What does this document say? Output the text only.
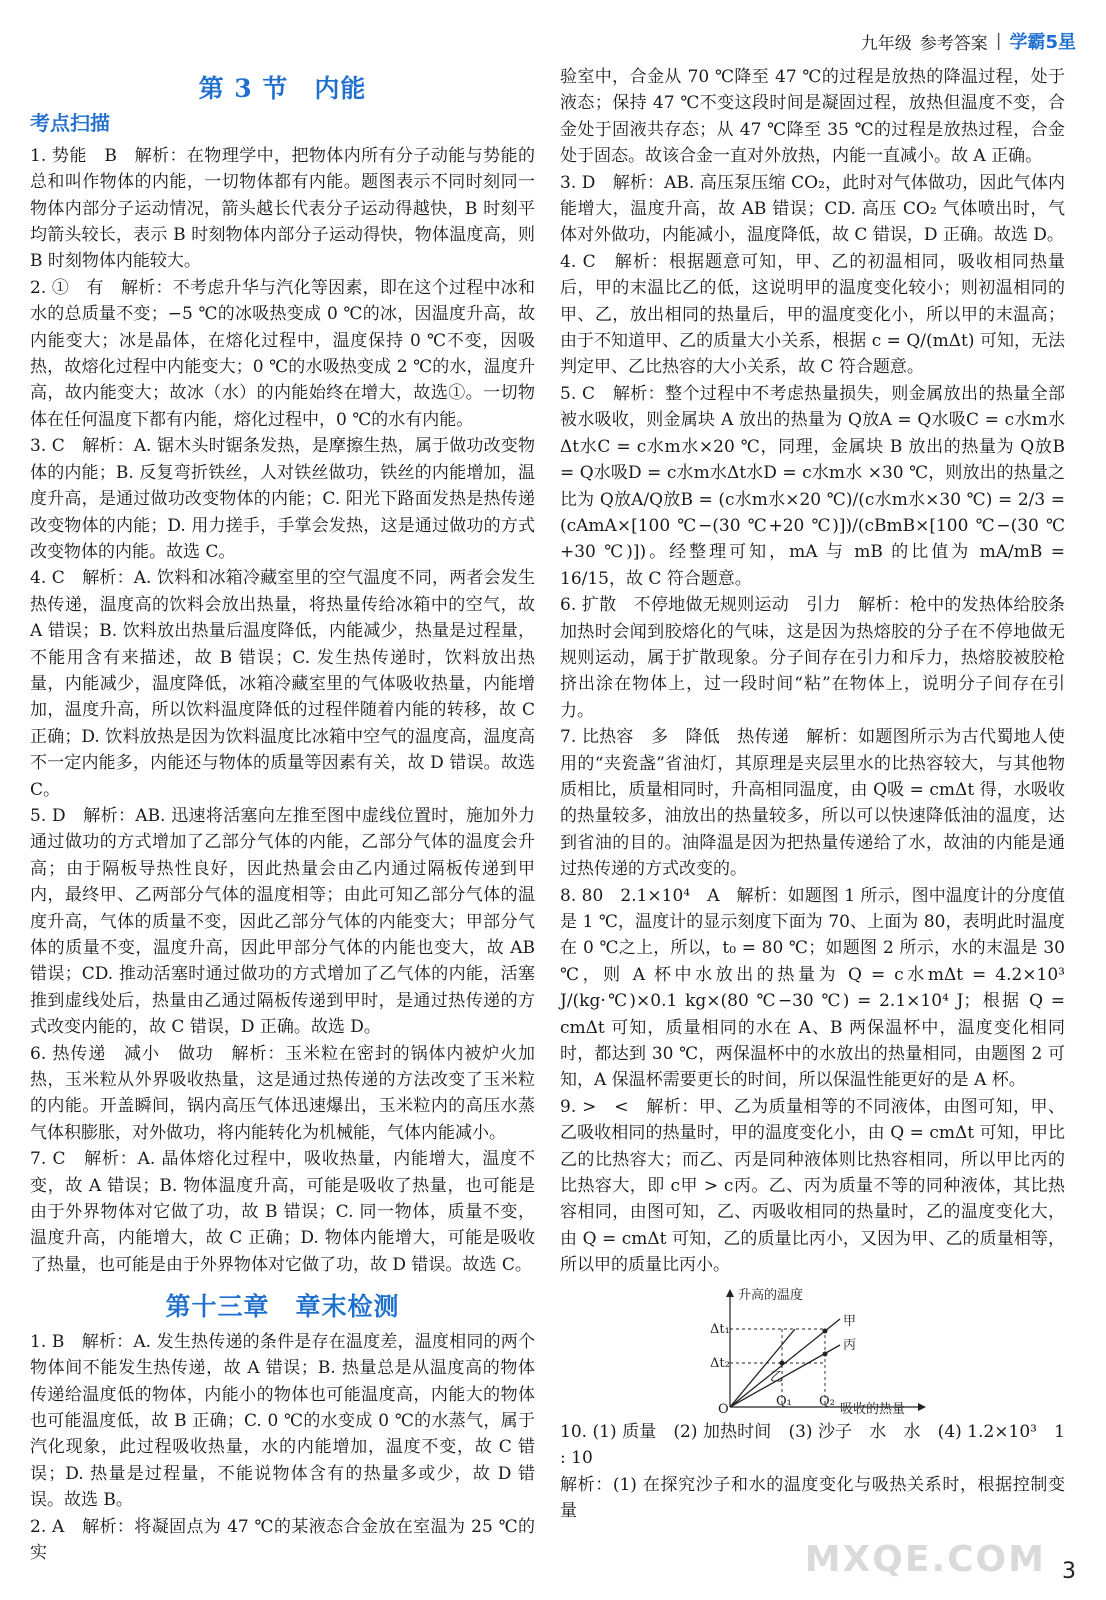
九年级 参考答案 | 学霸5星
第 3 节　内能
考点扫描

1. 势能　B　解析：在物理学中，把物体内所有分子动能与势能的总和叫作物体的内能，一切物体都有内能。题图表示不同时刻同一物体内部分子运动情况，箭头越长代表分子运动得越快，B 时刻平均箭头较长，表示 B 时刻物体内部分子运动得快，物体温度高，则 B 时刻物体内能较大。

2. ①　有　解析：不考虑升华与汽化等因素，即在这个过程中冰和水的总质量不变；−5 ℃的冰吸热变成 0 ℃的冰，因温度升高，故内能变大；冰是晶体，在熔化过程中，温度保持 0 ℃不变，因吸热，故熔化过程中内能变大；0 ℃的水吸热变成 2 ℃的水，温度升高，故内能变大；故冰（水）的内能始终在增大，故选①。一切物体在任何温度下都有内能，熔化过程中，0 ℃的水有内能。

3. C　解析：A. 锯木头时锯条发热，是摩擦生热，属于做功改变物体的内能；B. 反复弯折铁丝，人对铁丝做功，铁丝的内能增加，温度升高，是通过做功改变物体的内能；C. 阳光下路面发热是热传递改变物体的内能；D. 用力搓手，手掌会发热，这是通过做功的方式改变物体的内能。故选 C。

4. C　解析：A. 饮料和冰箱冷藏室里的空气温度不同，两者会发生热传递，温度高的饮料会放出热量，将热量传给冰箱中的空气，故 A 错误；B. 饮料放出热量后温度降低，内能减少，热量是过程量，不能用含有来描述，故 B 错误；C. 发生热传递时，饮料放出热量，内能减少，温度降低，冰箱冷藏室里的气体吸收热量，内能增加，温度升高，所以饮料温度降低的过程伴随着内能的转移，故 C 正确；D. 饮料放热是因为饮料温度比冰箱中空气的温度高，温度高不一定内能多，内能还与物体的质量等因素有关，故 D 错误。故选 C。

5. D　解析：AB. 迅速将活塞向左推至图中虚线位置时，施加外力通过做功的方式增加了乙部分气体的内能，乙部分气体的温度会升高；由于隔板导热性良好，因此热量会由乙内通过隔板传递到甲内，最终甲、乙两部分气体的温度相等；由此可知乙部分气体的温度升高，气体的质量不变，因此乙部分气体的内能变大；甲部分气体的质量不变，温度升高，因此甲部分气体的内能也变大，故 AB 错误；CD. 推动活塞时通过做功的方式增加了乙气体的内能，活塞推到虚线处后，热量由乙通过隔板传递到甲时，是通过热传递的方式改变内能的，故 C 错误，D 正确。故选 D。

6. 热传递　减小　做功　解析：玉米粒在密封的锅体内被炉火加热，玉米粒从外界吸收热量，这是通过热传递的方法改变了玉米粒的内能。开盖瞬间，锅内高压气体迅速爆出，玉米粒内的高压水蒸气体积膨胀，对外做功，将内能转化为机械能，气体内能减小。

7. C　解析：A. 晶体熔化过程中，吸收热量，内能增大，温度不变，故 A 错误；B. 物体温度升高，可能是吸收了热量，也可能是由于外界物体对它做了功，故 B 错误；C. 同一物体，质量不变，温度升高，内能增大，故 C 正确；D. 物体内能增大，可能是吸收了热量，也可能是由于外界物体对它做了功，故 D 错误。故选 C。

第十三章　章末检测

1. B　解析：A. 发生热传递的条件是存在温度差，温度相同的两个物体间不能发生热传递，故 A 错误；B. 热量总是从温度高的物体传递给温度低的物体，内能小的物体也可能温度高，内能大的物体也可能温度低，故 B 正确；C. 0 ℃的水变成 0 ℃的水蒸气，属于汽化现象，此过程吸收热量，水的内能增加，温度不变，故 C 错误；D. 热量是过程量，不能说物体含有的热量多或少，故 D 错误。故选 B。

2. A　解析：将凝固点为 47 ℃的某液态合金放在室温为 25 ℃的实

验室中，合金从 70 ℃降至 47 ℃的过程是放热的降温过程，处于液态；保持 47 ℃不变这段时间是凝固过程，放热但温度不变，合金处于固液共存态；从 47 ℃降至 35 ℃的过程是放热过程，合金处于固态。故该合金一直对外放热，内能一直减小。故 A 正确。

3. D　解析：AB. 高压泵压缩 CO₂，此时对气体做功，因此气体内能增大，温度升高，故 AB 错误；CD. 高压 CO₂ 气体喷出时，气体对外做功，内能减小，温度降低，故 C 错误，D 正确。故选 D。

4. C　解析：根据题意可知，甲、乙的初温相同，吸收相同热量后，甲的末温比乙的低，这说明甲的温度变化较小；则初温相同的甲、乙，放出相同的热量后，甲的温度变化小，所以甲的末温高；由于不知道甲、乙的质量大小关系，根据 c = Q/(mΔt) 可知，无法判定甲、乙比热容的大小关系，故 C 符合题意。

5. C　解析：整个过程中不考虑热量损失，则金属放出的热量全部被水吸收，则金属块 A 放出的热量为 Q放A = Q水吸C = c水m水 Δt水C = c水m水×20 ℃，同理，金属块 B 放出的热量为 Q放B = Q水吸D = c水m水Δt水D = c水m水 ×30 ℃，则放出的热量之比为 Q放A/Q放B = (c水m水×20 ℃)/(c水m水×30 ℃) = 2/3 = (cAmA×[100 ℃−(30 ℃+20 ℃)])/(cBmB×[100 ℃−(30 ℃+30 ℃)])。经整理可知，mA 与 mB 的比值为 mA/mB = 16/15，故 C 符合题意。

6. 扩散　不停地做无规则运动　引力　解析：枪中的发热体给胶条加热时会闻到胶熔化的气味，这是因为热熔胶的分子在不停地做无规则运动，属于扩散现象。分子间存在引力和斥力，热熔胶被胶枪挤出涂在物体上，过一段时间“粘”在物体上，说明分子间存在引力。

7. 比热容　多　降低　热传递　解析：如题图所示为古代蜀地人使用的“夹瓷盏”省油灯，其原理是夹层里水的比热容较大，与其他物质相比，质量相同时，升高相同温度，由 Q吸 = cmΔt 得，水吸收的热量较多，油放出的热量较多，所以可以快速降低油的温度，达到省油的目的。油降温是因为把热量传递给了水，故油的内能是通过热传递的方式改变的。

8. 80　2.1×10⁴　A　解析：如题图 1 所示，图中温度计的分度值是 1 ℃，温度计的显示刻度下面为 70、上面为 80，表明此时温度在 0 ℃之上，所以，t₀ = 80 ℃；如题图 2 所示，水的末温是 30 ℃，则 A 杯中水放出的热量为 Q = c水mΔt = 4.2×10³ J/(kg·℃)×0.1 kg×(80 ℃−30 ℃) = 2.1×10⁴ J；根据 Q = cmΔt 可知，质量相同的水在 A、B 两保温杯中，温度变化相同时，都达到 30 ℃，两保温杯中的水放出的热量相同，由题图 2 可知，A 保温杯需要更长的时间，所以保温性能更好的是 A 杯。

9. >　<　解析：甲、乙为质量相等的不同液体，由图可知，甲、乙吸收相同的热量时，甲的温度变化小，由 Q = cmΔt 可知，甲比乙的比热容大；而乙、丙是同种液体则比热容相同，所以甲比丙的比热容大，即 c甲 > c丙。乙、丙为质量不等的同种液体，其比热容相同，由图可知，乙、丙吸收相同的热量时，乙的温度变化大，由 Q = cmΔt 可知，乙的质量比丙小，又因为甲、乙的质量相等，所以甲的质量比丙小。

升高的温度
吸收的热量
O
Δt₁
Δt₂
Q₁ Q₂
甲
乙
丙

10. (1) 质量　(2) 加热时间　(3) 沙子　水　水　(4) 1.2×10³　1 : 10

解析：(1) 在探究沙子和水的温度变化与吸热关系时，根据控制变量

MXQE.COM 3
